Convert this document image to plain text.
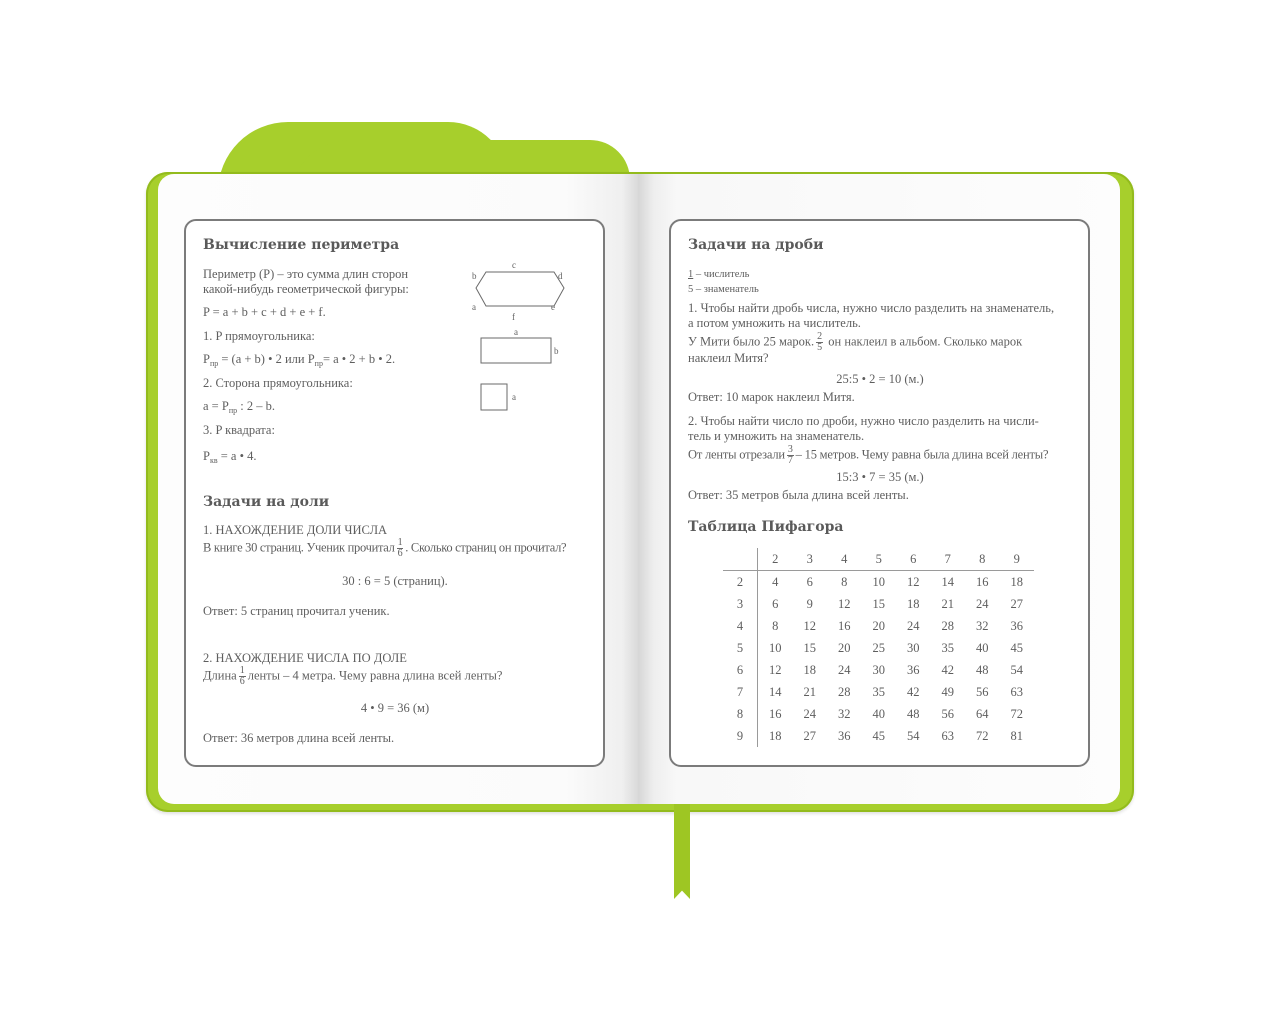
Вычисление периметра
Периметр (P) – это сумма длин сторон
какой-нибудь геометрической фигуры:
P = a + b + c + d + e + f.
1. P прямоугольника:
$P_{пр} = (a + b)$ • 2 или $P_{пр}= a$ • 2 + b • 2.
2. Сторона прямоугольника:
$a = P_{пр}$ : 2 – b.
3. P квадрата:
$P_{кв} = a$ • 4.
c
b	d
a	e
f
a
b
a
Задачи на доли
1. НАХОЖДЕНИЕ ДОЛИ ЧИСЛА
В книге 30 страниц. Ученик прочитал $\frac{1}{6}$ . Сколько страниц он прочитал?
30 : 6 = 5 (страниц).
Ответ: 5 страниц прочитал ученик.
2. НАХОЖДЕНИЕ ЧИСЛА ПО ДОЛЕ
Длина $\frac{1}{6}$ ленты – 4 метра. Чему равна длина всей ленты?
4 • 9 = 36 (м)
Ответ: 36 метров длина всей ленты.
Задачи на дроби
1 – числитель
5 – знаменатель
1. Чтобы найти дробь числа, нужно число разделить на знаменатель,
а потом умножить на числитель.
У Мити было 25 марок. $\frac{2}{5}$ он наклеил в альбом. Сколько марок
наклеил Митя?
25:5 • 2 = 10 (м.)
Ответ: 10 марок наклеил Митя.
2. Чтобы найти число по дроби, нужно число разделить на числи-
тель и умножить на знаменатель.
От ленты отрезали $\frac{3}{7} - 15$ метров. Чему равна была длина всей ленты?
15:3 • 7 = 35 (м.)
Ответ: 35 метров была длина всей ленты.
Таблица Пифагора
	2	3	4	5	6	7	8	9
2	4	6	8	10	12	14	16	18
3	6	9	12	15	18	21	24	27
4	8	12	16	20	24	28	32	36
5	10	15	20	25	30	35	40	45
6	12	18	24	30	36	42	48	54
7	14	21	28	35	42	49	56	63
8	16	24	32	40	48	56	64	72
9	18	27	36	45	54	63	72	81
